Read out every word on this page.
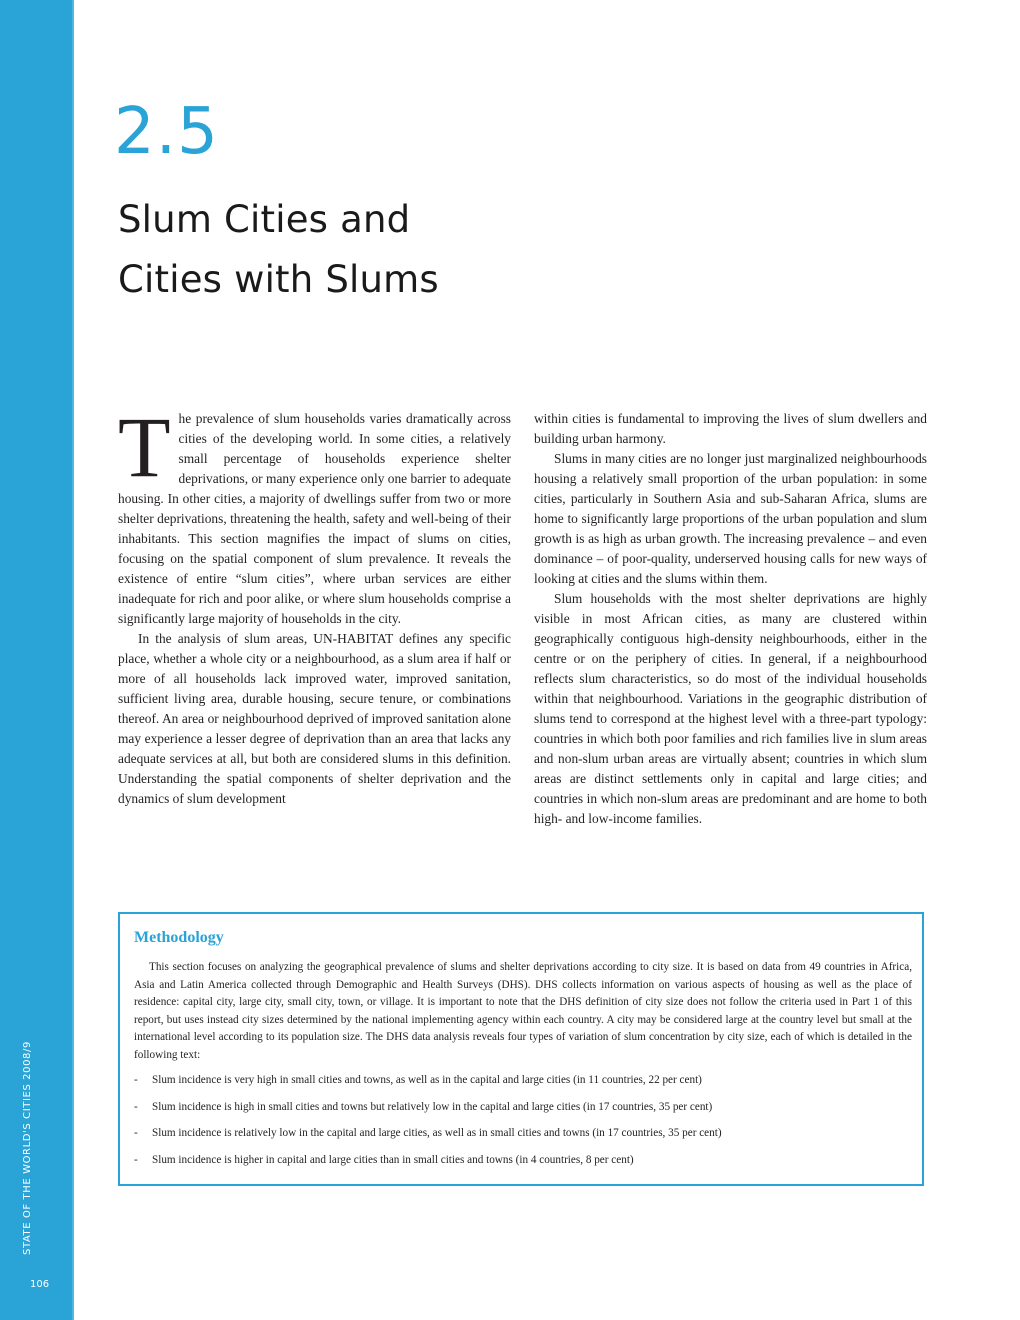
STATE OF THE WORLD'S CITIES 2008/9
106
2.5
Slum Cities and
Cities with Slums

The prevalence of slum households varies dramatically across cities of the developing world. In some cities, a relatively small percentage of households experience shelter deprivations, or many experience only one barrier to adequate housing. In other cities, a majority of dwellings suffer from two or more shelter deprivations, threatening the health, safety and well-being of their inhabitants. This section magnifies the impact of slums on cities, focusing on the spatial component of slum prevalence. It reveals the existence of entire “slum cities”, where urban services are either inadequate for rich and poor alike, or where slum households comprise a significantly large majority of households in the city.

In the analysis of slum areas, UN-HABITAT defines any specific place, whether a whole city or a neighbourhood, as a slum area if half or more of all households lack improved water, improved sanitation, sufficient living area, durable housing, secure tenure, or combinations thereof. An area or neighbourhood deprived of improved sanitation alone may experience a lesser degree of deprivation than an area that lacks any adequate services at all, but both are considered slums in this definition. Understanding the spatial components of shelter deprivation and the dynamics of slum development

within cities is fundamental to improving the lives of slum dwellers and building urban harmony.

Slums in many cities are no longer just marginalized neighbourhoods housing a relatively small proportion of the urban population: in some cities, particularly in Southern Asia and sub-Saharan Africa, slums are home to significantly large proportions of the urban population and slum growth is as high as urban growth. The increasing prevalence – and even dominance – of poor-quality, underserved housing calls for new ways of looking at cities and the slums within them.

Slum households with the most shelter deprivations are highly visible in most African cities, as many are clustered within geographically contiguous high-density neighbourhoods, either in the centre or on the periphery of cities. In general, if a neighbourhood reflects slum characteristics, so do most of the individual households within that neighbourhood. Variations in the geographic distribution of slums tend to correspond at the highest level with a three-part typology: countries in which both poor families and rich families live in slum areas and non-slum urban areas are virtually absent; countries in which slum areas are distinct settlements only in capital and large cities; and countries in which non-slum areas are predominant and are home to both high- and low-income families.

Methodology

This section focuses on analyzing the geographical prevalence of slums and shelter deprivations according to city size. It is based on data from 49 countries in Africa, Asia and Latin America collected through Demographic and Health Surveys (DHS). DHS collects information on various aspects of housing as well as the place of residence: capital city, large city, small city, town, or village. It is important to note that the DHS definition of city size does not follow the criteria used in Part 1 of this report, but uses instead city sizes determined by the national implementing agency within each country. A city may be considered large at the country level but small at the international level according to its population size. The DHS data analysis reveals four types of variation of slum concentration by city size, each of which is detailed in the following text:

- Slum incidence is very high in small cities and towns, as well as in the capital and large cities (in 11 countries, 22 per cent)
- Slum incidence is high in small cities and towns but relatively low in the capital and large cities (in 17 countries, 35 per cent)
- Slum incidence is relatively low in the capital and large cities, as well as in small cities and towns (in 17 countries, 35 per cent)
- Slum incidence is higher in capital and large cities than in small cities and towns (in 4 countries, 8 per cent)
